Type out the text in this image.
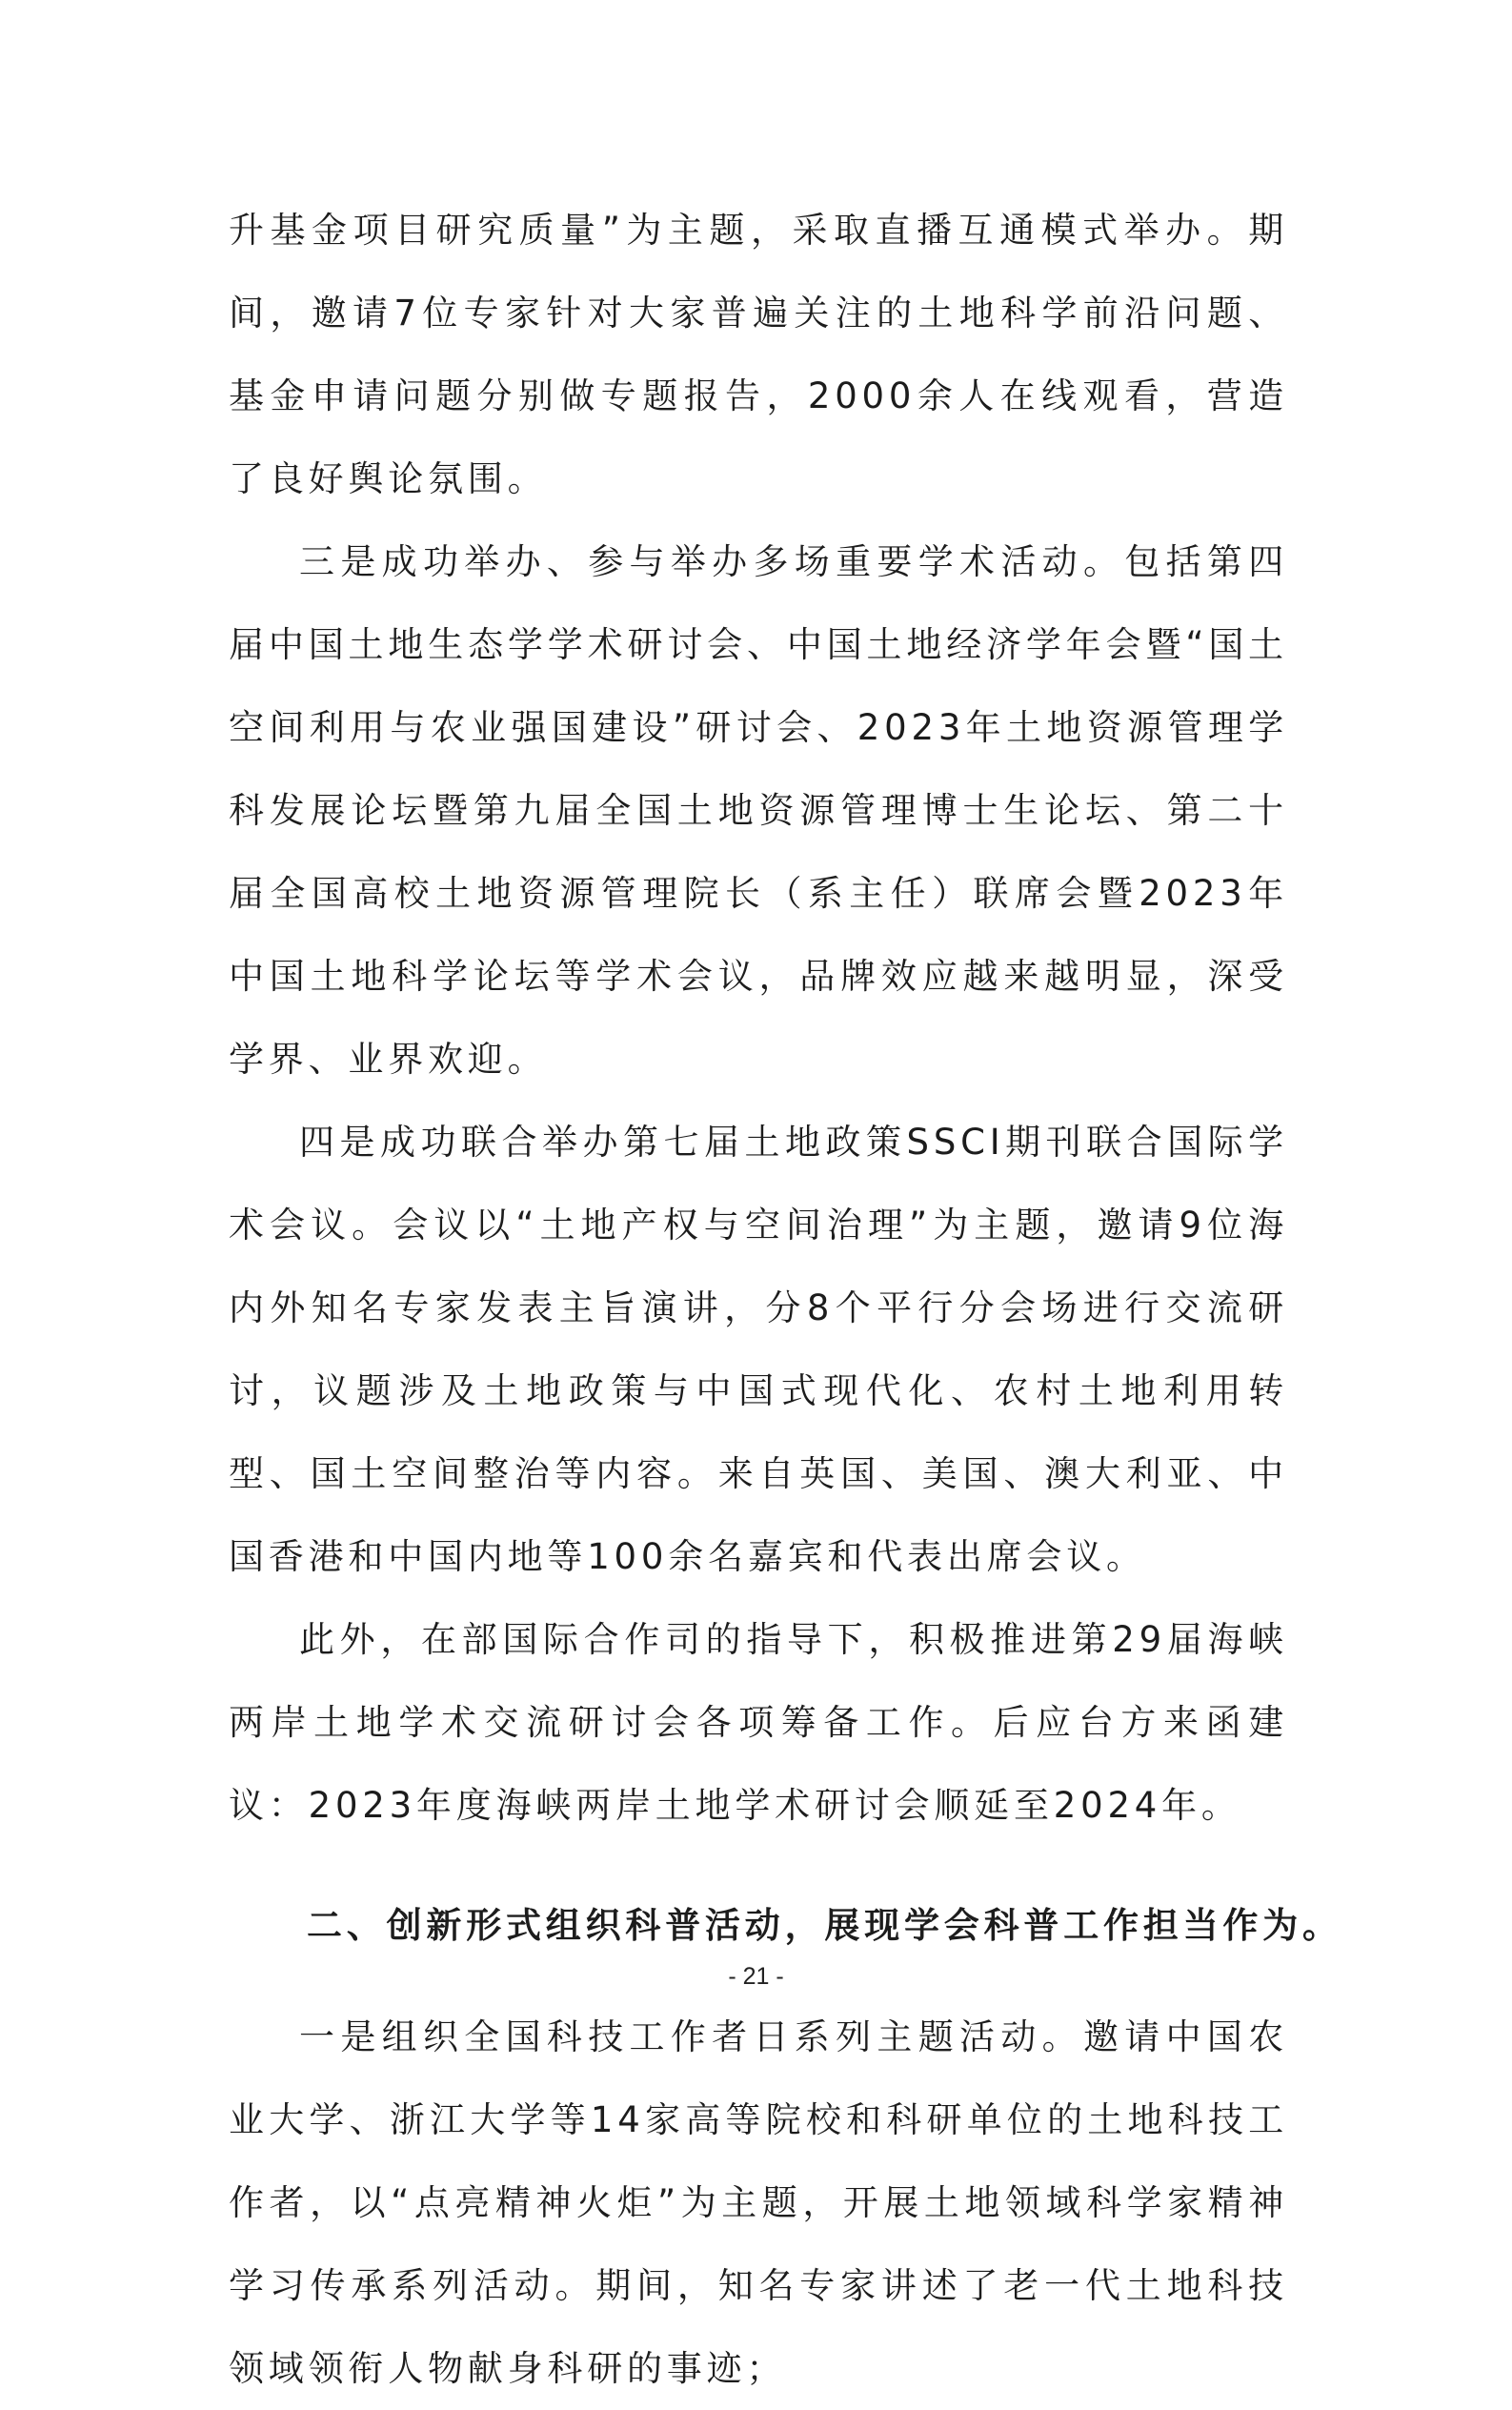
升基金项目研究质量”为主题，采取直播互通模式举办。期间，邀请7位专家针对大家普遍关注的土地科学前沿问题、基金申请问题分别做专题报告，2000余人在线观看，营造了良好舆论氛围。

三是成功举办、参与举办多场重要学术活动。包括第四届中国土地生态学学术研讨会、中国土地经济学年会暨“国土空间利用与农业强国建设”研讨会、2023年土地资源管理学科发展论坛暨第九届全国土地资源管理博士生论坛、第二十届全国高校土地资源管理院长（系主任）联席会暨2023年中国土地科学论坛等学术会议，品牌效应越来越明显，深受学界、业界欢迎。

四是成功联合举办第七届土地政策SSCI期刊联合国际学术会议。会议以“土地产权与空间治理”为主题，邀请9位海内外知名专家发表主旨演讲，分8个平行分会场进行交流研讨，议题涉及土地政策与中国式现代化、农村土地利用转型、国土空间整治等内容。来自英国、美国、澳大利亚、中国香港和中国内地等100余名嘉宾和代表出席会议。

此外，在部国际合作司的指导下，积极推进第29届海峡两岸土地学术交流研讨会各项筹备工作。后应台方来函建议：2023年度海峡两岸土地学术研讨会顺延至2024年。

二、创新形式组织科普活动，展现学会科普工作担当作为。

一是组织全国科技工作者日系列主题活动。邀请中国农业大学、浙江大学等14家高等院校和科研单位的土地科技工作者，以“点亮精神火炬”为主题，开展土地领域科学家精神学习传承系列活动。期间，知名专家讲述了老一代土地科技领域领衔人物献身科研的事迹；

- 21 -
